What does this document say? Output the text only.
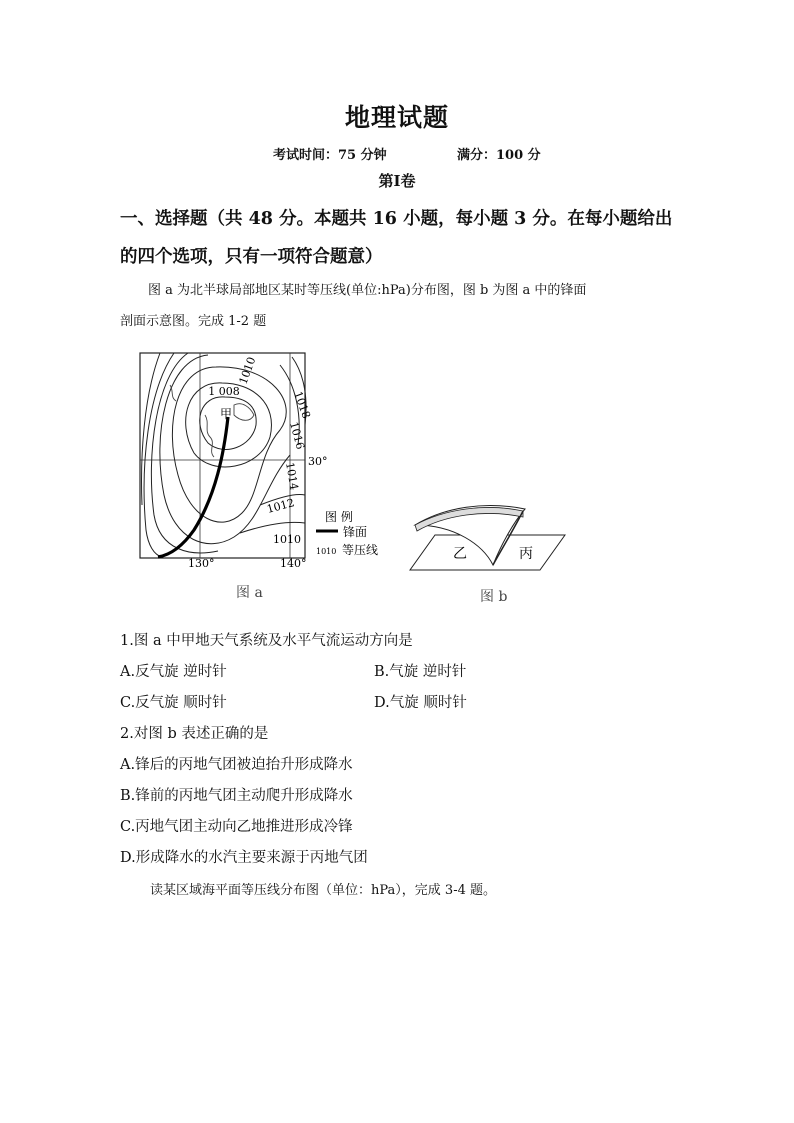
地理试题
考试时间：75 分钟	满分：100 分
第Ⅰ卷
一、选择题（共 48 分。本题共 16 小题，每小题 3 分。在每小题给出
的四个选项，只有一项符合题意）
图 a 为北半球局部地区某时等压线(单位:hPa)分布图，图 b 为图 a 中的锋面
剖面示意图。完成 1-2 题
1 008
1010
1012
1014
1016
1018
1010
甲
30°
130°	140°
图 a
图 例
锋面
1010 等压线	乙	丙
图 b
1.图 a 中甲地天气系统及水平气流运动方向是
A.反气旋 逆时针	B.气旋 逆时针
C.反气旋 顺时针	D.气旋 顺时针
2.对图 b 表述正确的是
A.锋后的丙地气团被迫抬升形成降水
B.锋前的丙地气团主动爬升形成降水
C.丙地气团主动向乙地推进形成冷锋
D.形成降水的水汽主要来源于丙地气团
读某区域海平面等压线分布图（单位：hPa），完成 3-4 题。
